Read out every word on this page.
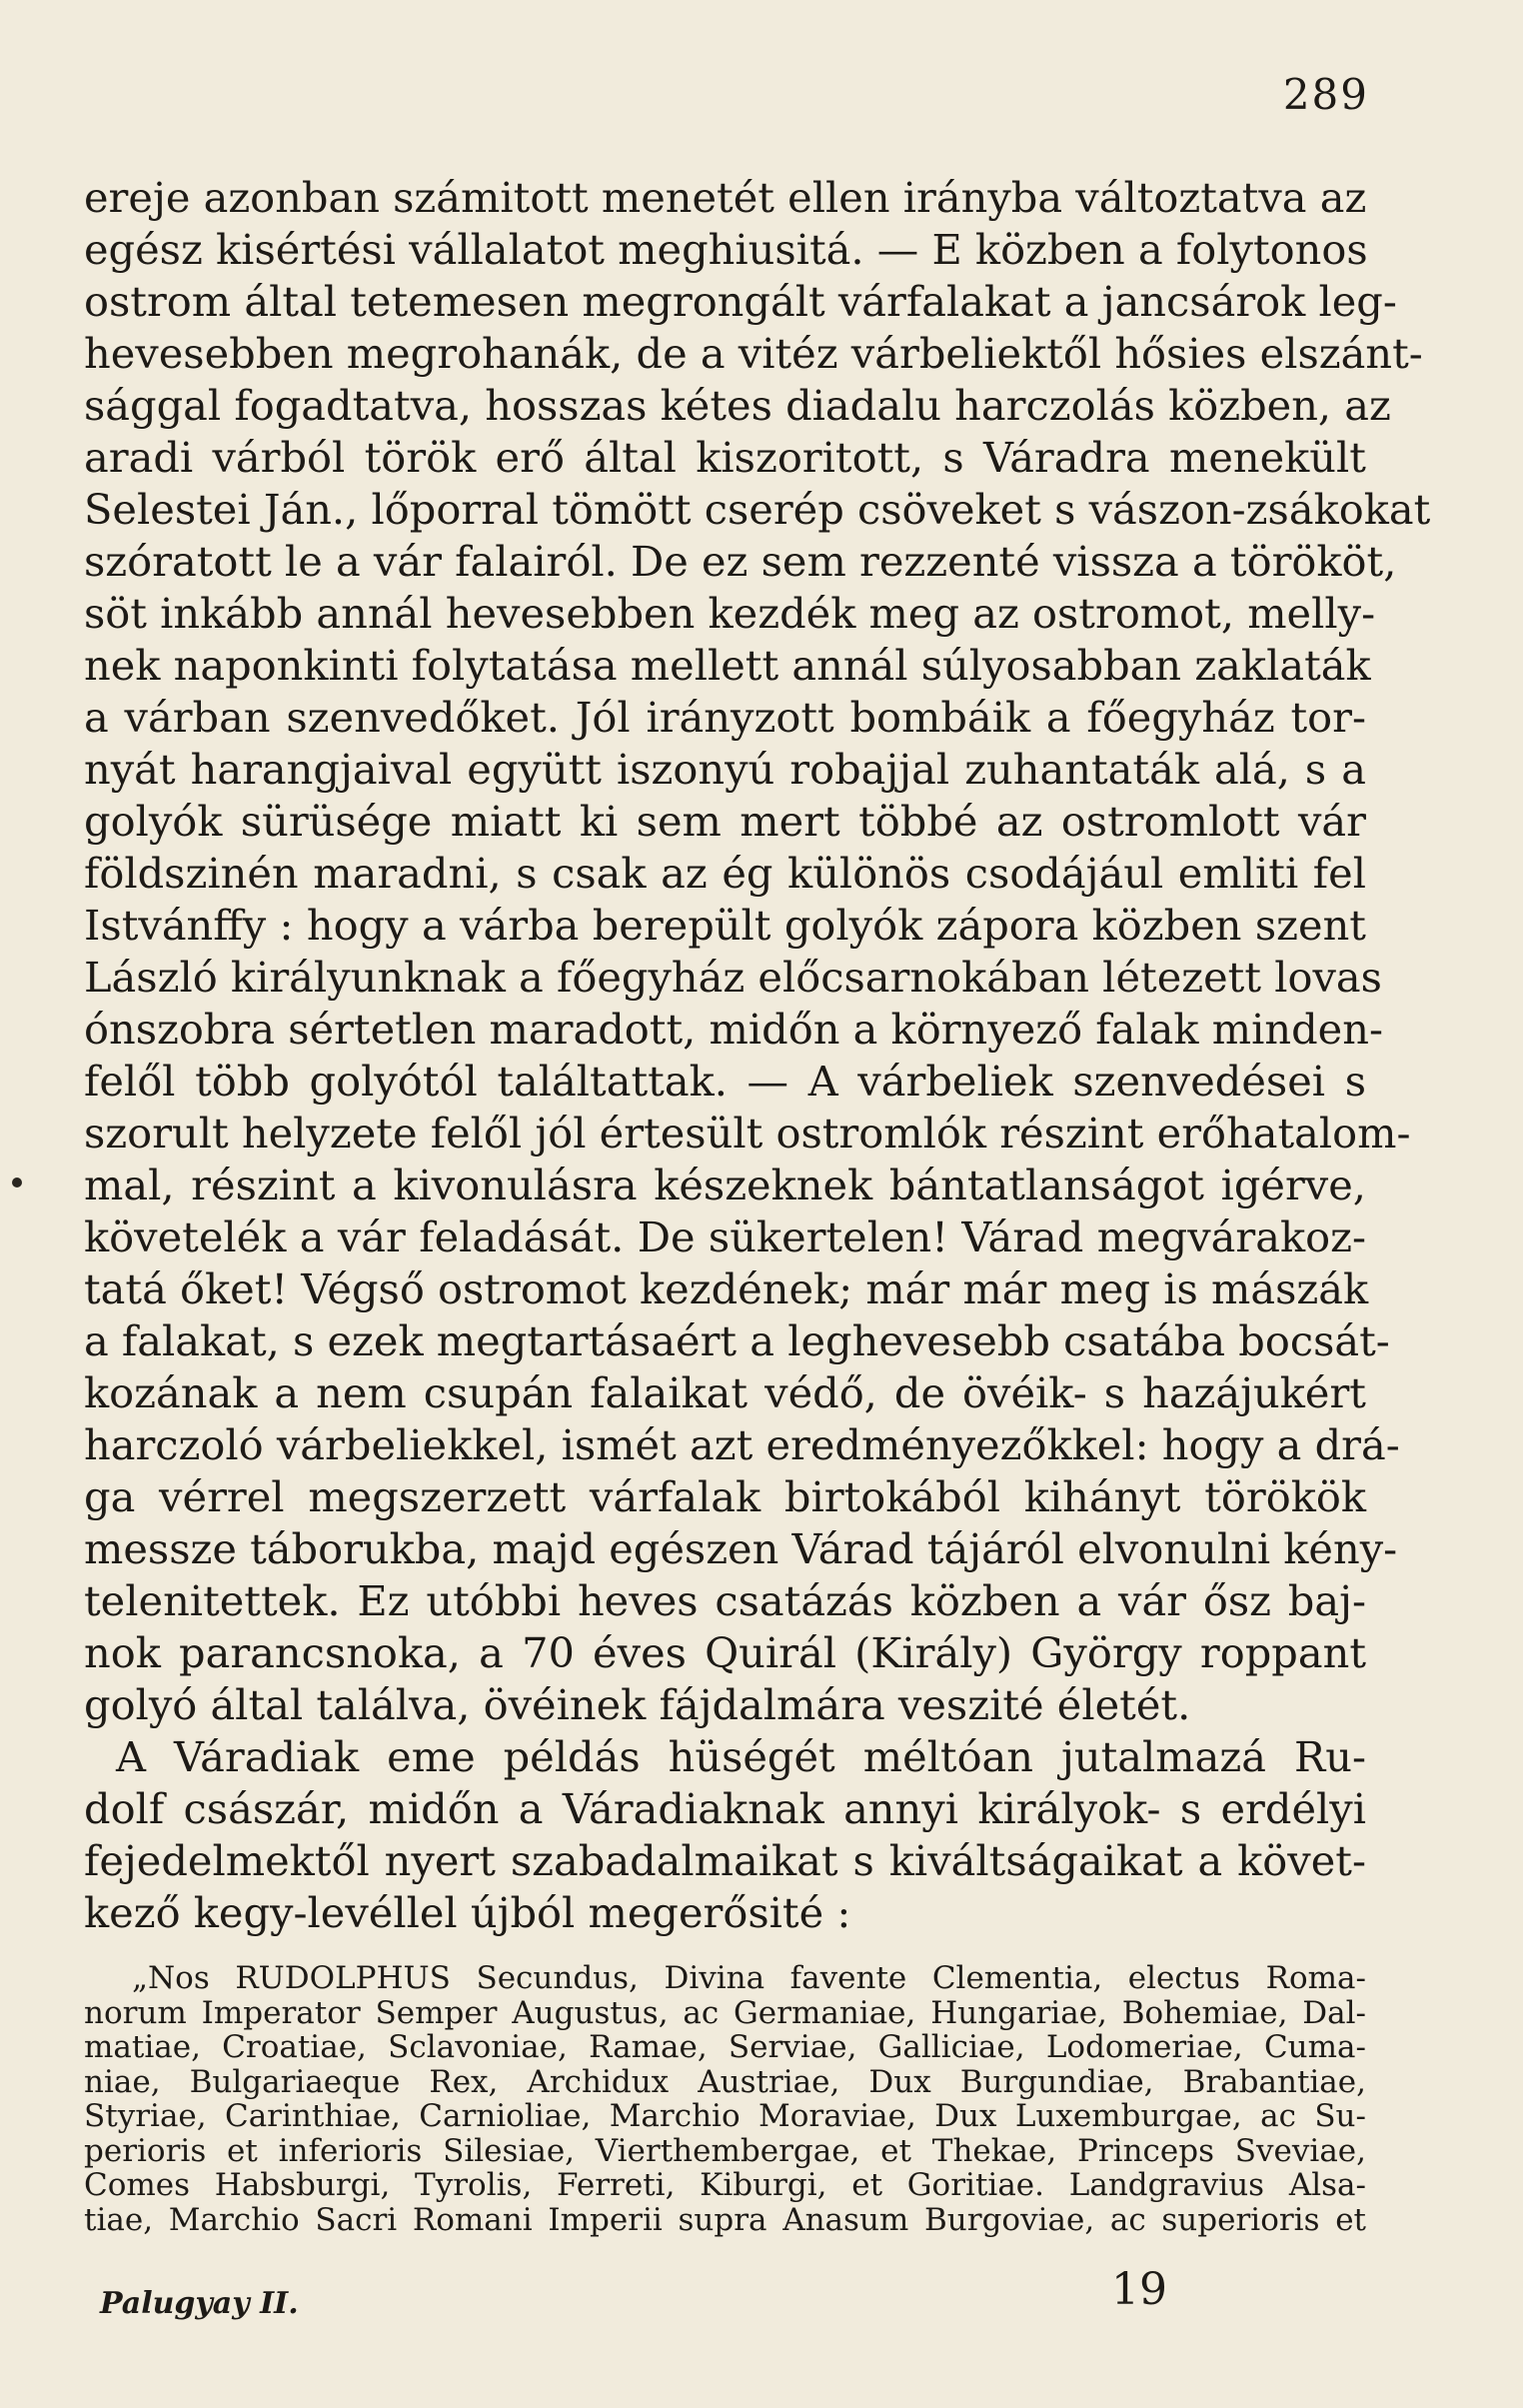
289
ereje azonban számitott menetét ellen irányba változtatva az
egész kisértési vállalatot meghiusitá. — E közben a folytonos
ostrom által tetemesen megrongált várfalakat a jancsárok leg-
hevesebben megrohanák, de a vitéz várbeliektől hősies elszánt-
sággal fogadtatva, hosszas kétes diadalu harczolás közben, az
aradi várból török erő által kiszoritott, s Váradra menekült
Selestei Ján., lőporral tömött cserép csöveket s vászon-zsákokat
szóratott le a vár falairól. De ez sem rezzenté vissza a törököt,
söt inkább annál hevesebben kezdék meg az ostromot, melly-
nek naponkinti folytatása mellett annál súlyosabban zaklaták
a várban szenvedőket. Jól irányzott bombáik a főegyház tor-
nyát harangjaival együtt iszonyú robajjal zuhantaták alá, s a
golyók sürüsége miatt ki sem mert többé az ostromlott vár
földszinén maradni, s csak az ég különös csodájául emliti fel
Istvánffy : hogy a várba berepült golyók zápora közben szent
László királyunknak a főegyház előcsarnokában létezett lovas
ónszobra sértetlen maradott, midőn a környező falak minden-
felől több golyótól találtattak. — A várbeliek szenvedései s
szorult helyzete felől jól értesült ostromlók részint erőhatalom-
mal, részint a kivonulásra készeknek bántatlanságot igérve,
követelék a vár feladását. De sükertelen! Várad megvárakoz-
tatá őket! Végső ostromot kezdének; már már meg is mászák
a falakat, s ezek megtartásaért a leghevesebb csatába bocsát-
kozának a nem csupán falaikat védő, de övéik- s hazájukért
harczoló várbeliekkel, ismét azt eredményezőkkel: hogy a drá-
ga vérrel megszerzett várfalak birtokából kihányt törökök
messze táborukba, majd egészen Várad tájáról elvonulni kény-
telenitettek. Ez utóbbi heves csatázás közben a vár ősz baj-
nok parancsnoka, a 70 éves Quirál (Király) György roppant
golyó által találva, övéinek fájdalmára veszité életét.
A Váradiak eme példás hüségét méltóan jutalmazá Ru-
dolf császár, midőn a Váradiaknak annyi királyok- s erdélyi
fejedelmektől nyert szabadalmaikat s kiváltságaikat a követ-
kező kegy-levéllel újból megerősité :
„Nos RUDOLPHUS Secundus, Divina favente Clementia, electus Roma-
norum Imperator Semper Augustus, ac Germaniae, Hungariae, Bohemiae, Dal-
matiae, Croatiae, Sclavoniae, Ramae, Serviae, Galliciae, Lodomeriae, Cuma-
niae, Bulgariaeque Rex, Archidux Austriae, Dux Burgundiae, Brabantiae,
Styriae, Carinthiae, Carnioliae, Marchio Moraviae, Dux Luxemburgae, ac Su-
perioris et inferioris Silesiae, Vierthembergae, et Thekae, Princeps Sveviae,
Comes Habsburgi, Tyrolis, Ferreti, Kiburgi, et Goritiae. Landgravius Alsa-
tiae, Marchio Sacri Romani Imperii supra Anasum Burgoviae, ac superioris et
Palugyay II.	19
